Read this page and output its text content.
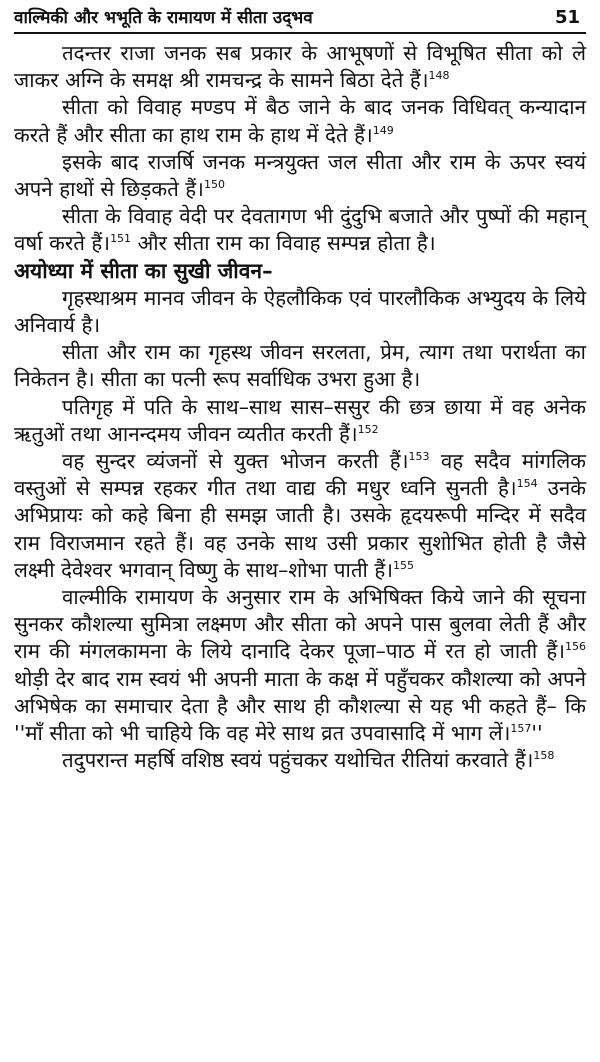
वाल्मिकी और भभूति के रामायण में सीता उद्‌भव	51

तदन्तर राजा जनक सब प्रकार के आभूषणों से विभूषित सीता को ले जाकर अग्नि के समक्ष श्री रामचन्द्र के सामने बिठा देते हैं।$^{148}$

सीता को विवाह मण्डप में बैठ जाने के बाद जनक विधिवत् कन्यादान करते हैं और सीता का हाथ राम के हाथ में देते हैं।$^{149}$

इसके बाद राजर्षि जनक मन्त्रयुक्त जल सीता और राम के ऊपर स्वयं अपने हाथों से छिड़कते हैं।$^{150}$

सीता के विवाह वेदी पर देवतागण भी दुंदुभि बजाते और पुष्पों की महान् वर्षा करते हैं।$^{151}$ और सीता राम का विवाह सम्पन्न होता है।

अयोध्या में सीता का सुखी जीवन–

गृहस्थाश्रम मानव जीवन के ऐहलौकिक एवं पारलौकिक अभ्युदय के लिये अनिवार्य है।

सीता और राम का गृहस्थ जीवन सरलता, प्रेम, त्याग तथा परार्थता का निकेतन है। सीता का पत्नी रूप सर्वाधिक उभरा हुआ है।

पतिगृह में पति के साथ–साथ सास–ससुर की छत्र छाया में वह अनेक ऋतुओं तथा आनन्दमय जीवन व्यतीत करती हैं।$^{152}$

वह सुन्दर व्यंजनों से युक्त भोजन करती हैं।$^{153}$ वह सदैव मांगलिक वस्तुओं से सम्पन्न रहकर गीत तथा वाद्य की मधुर ध्वनि सुनती है।$^{154}$ उनके अभिप्रायः को कहे बिना ही समझ जाती है। उसके हृदयरूपी मन्दिर में सदैव राम विराजमान रहते हैं। वह उनके साथ उसी प्रकार सुशोभित होती है जैसे लक्ष्मी देवेश्वर भगवान् विष्णु के साथ–शोभा पाती हैं।$^{155}$

वाल्मीकि रामायण के अनुसार राम के अभिषिक्त किये जाने की सूचना सुनकर कौशल्या सुमित्रा लक्ष्मण और सीता को अपने पास बुलवा लेती हैं और राम की मंगलकामना के लिये दानादि देकर पूजा–पाठ में रत हो जाती हैं।$^{156}$ थोड़ी देर बाद राम स्वयं भी अपनी माता के कक्ष में पहुँचकर कौशल्या को अपने अभिषेक का समाचार देता है और साथ ही कौशल्या से यह भी कहते हैं– कि ''माँ सीता को भी चाहिये कि वह मेरे साथ व्रत उपवासादि में भाग लें।$^{157}$''

तदुपरान्त महर्षि वशिष्ठ स्वयं पहुंचकर यथोचित रीतियां करवाते हैं।$^{158}$
